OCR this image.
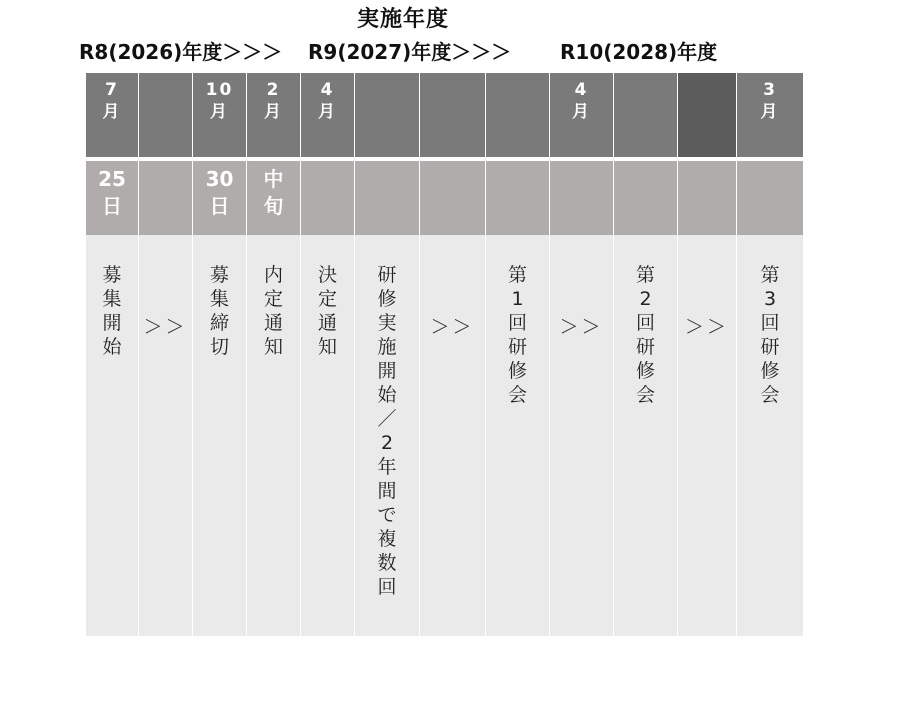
実施年度
R8(2026)年度＞＞＞ R9(2027)年度＞＞＞ R10(2028)年度
7
月
10
月
2
月
4
月
4
月
3
月
25
日
30
日
中
旬
募
集
開
始
＞＞
募
集
締
切
内
定
通
知
決
定
通
知
研
修
実
施
開
始
／
2
年
間
で
複
数
回
＞＞
第
1
回
研
修
会
＞＞
第
2
回
研
修
会
＞＞
第
3
回
研
修
会
